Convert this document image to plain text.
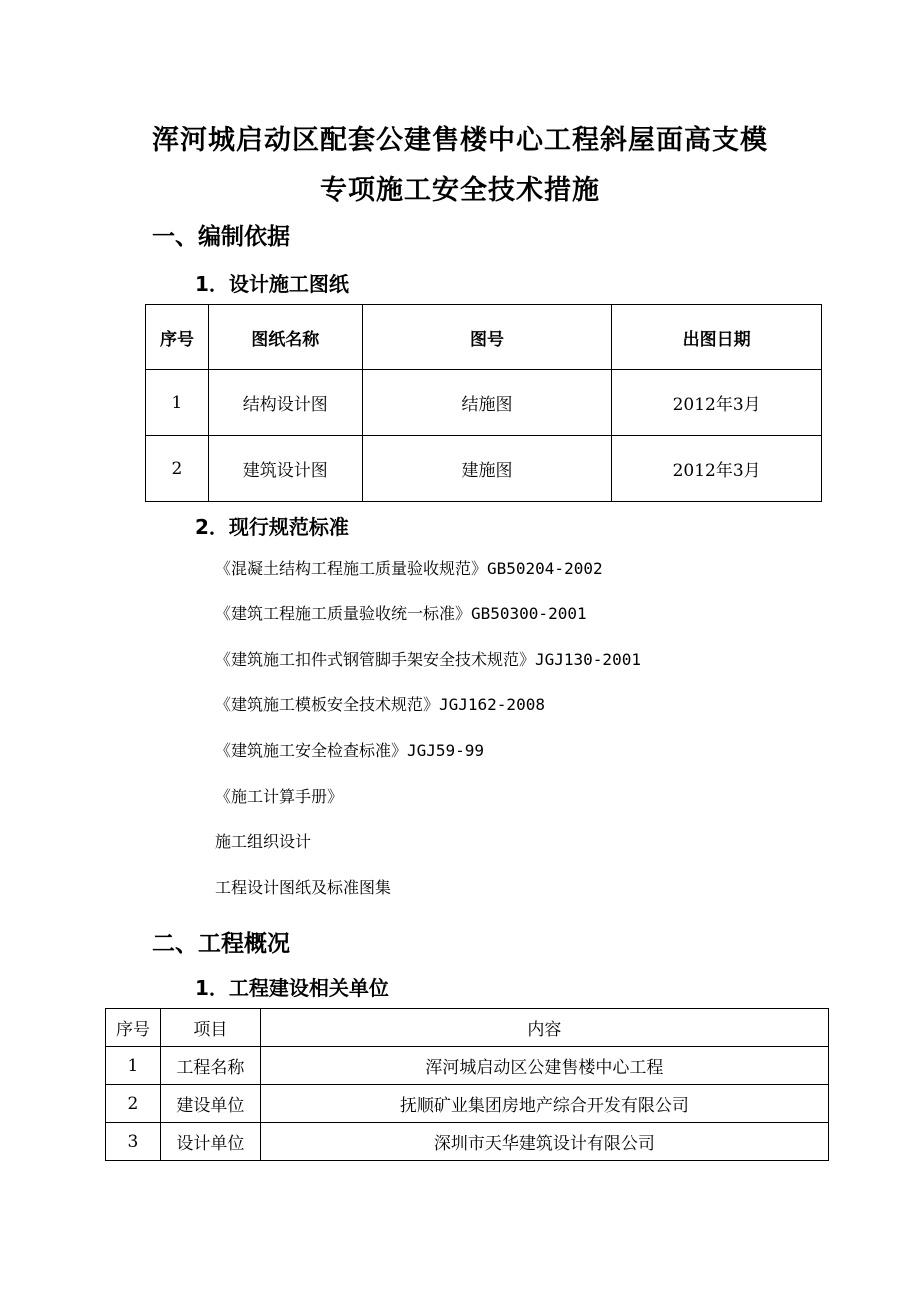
浑河城启动区配套公建售楼中心工程斜屋面高支模
专项施工安全技术措施
一、编制依据
1．设计施工图纸
序号	图纸名称	图号	出图日期
1	结构设计图	结施图	2012年3月
2	建筑设计图	建施图	2012年3月
2．现行规范标准
《混凝土结构工程施工质量验收规范》GB50204-2002
《建筑工程施工质量验收统一标准》GB50300-2001
《建筑施工扣件式钢管脚手架安全技术规范》JGJ130-2001
《建筑施工模板安全技术规范》JGJ162-2008
《建筑施工安全检查标准》JGJ59-99
《施工计算手册》
施工组织设计
工程设计图纸及标准图集
二、工程概况
1．工程建设相关单位
序号	项目	内容
1	工程名称	浑河城启动区公建售楼中心工程
2	建设单位	抚顺矿业集团房地产综合开发有限公司
3	设计单位	深圳市天华建筑设计有限公司
